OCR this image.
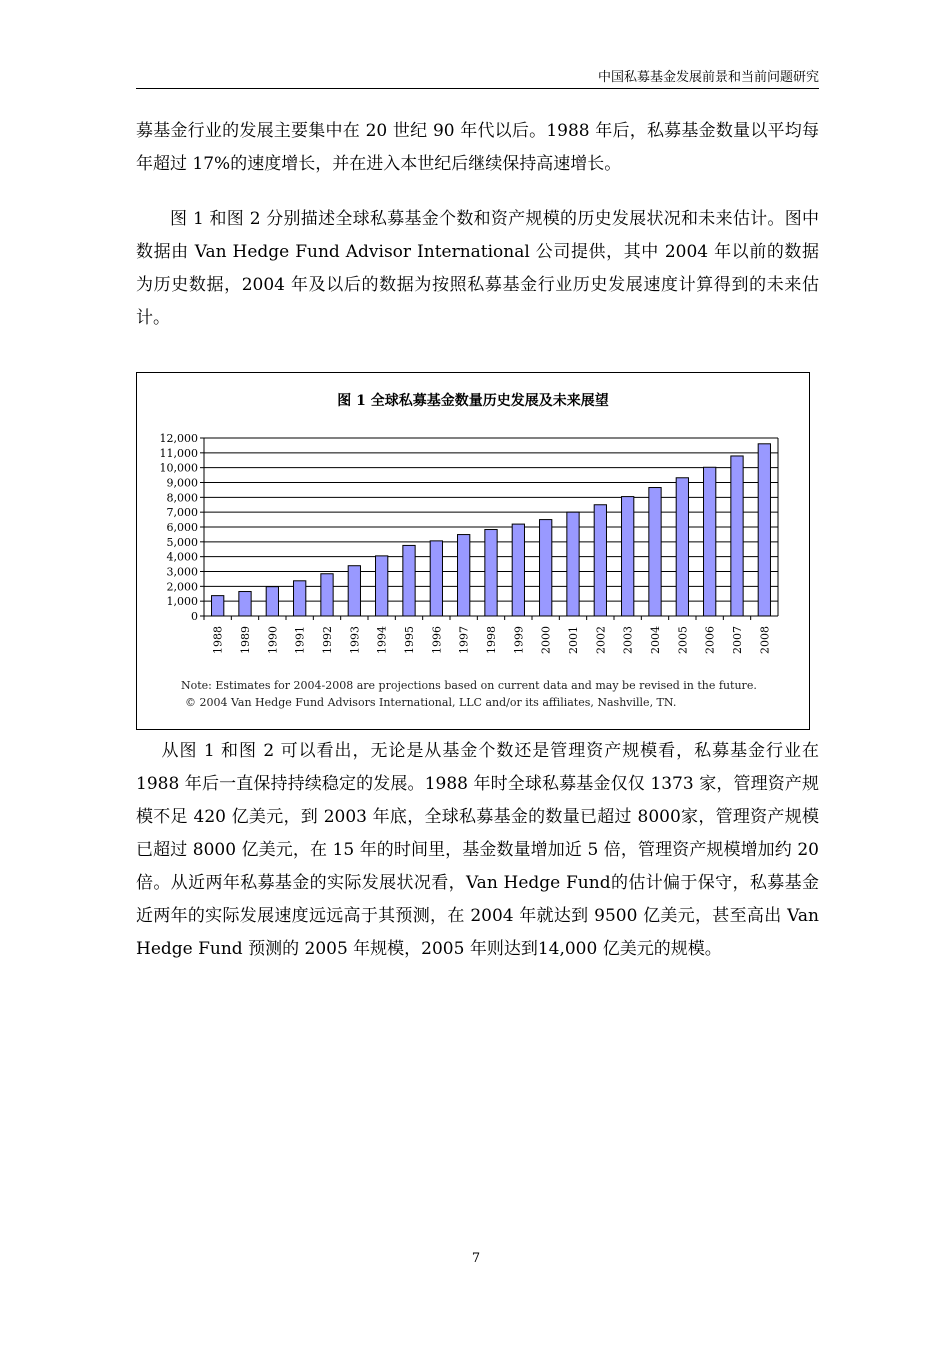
中国私募基金发展前景和当前问题研究

募基金行业的发展主要集中在 20 世纪 90 年代以后。1988 年后，私募基金数量以平均每年超过 17%的速度增长，并在进入本世纪后继续保持高速增长。

图 1 和图 2 分别描述全球私募基金个数和资产规模的历史发展状况和未来估计。图中数据由 Van Hedge Fund Advisor International 公司提供，其中 2004 年以前的数据为历史数据，2004 年及以后的数据为按照私募基金行业历史发展速度计算得到的未来估计。

0
1,000
2,000
3,000
4,000
5,000
6,000
7,000
8,000
9,000
10,000
11,000
12,000
1988 1989 1990 1991 1992 1993 1994 1995 1996 1997 1998 1999 2000 2001 2002 2003 2004 2005 2006 2007 2008
图 1 全球私募基金数量历史发展及未来展望
Note: Estimates for 2004-2008 are projections based on current data and may be revised in the future.
© 2004 Van Hedge Fund Advisors International, LLC and/or its affiliates, Nashville, TN.

从图 1 和图 2 可以看出，无论是从基金个数还是管理资产规模看，私募基金行业在 1988 年后一直保持持续稳定的发展。1988 年时全球私募基金仅仅 1373 家，管理资产规模不足 420 亿美元，到 2003 年底，全球私募基金的数量已超过 8000家，管理资产规模已超过 8000 亿美元，在 15 年的时间里，基金数量增加近 5 倍，管理资产规模增加约 20 倍。从近两年私募基金的实际发展状况看，Van Hedge Fund的估计偏于保守，私募基金近两年的实际发展速度远远高于其预测，在 2004 年就达到 9500 亿美元，甚至高出 Van Hedge Fund 预测的 2005 年规模，2005 年则达到14,000 亿美元的规模。

7
